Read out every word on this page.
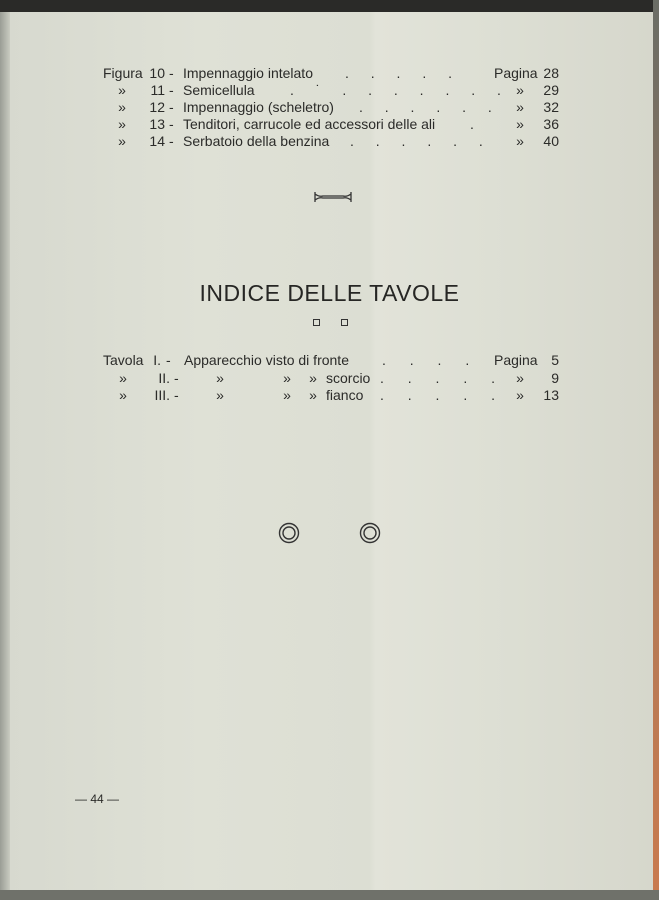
Figura 10 - Impennaggio intelato . . . . . Pagina 28
»	11 - Semicellula	. ˙ . . . . . . . »	29
»	12 - Impennaggio (scheletro) . . . . . . »	32
»	13 - Tenditori, carrucole ed accessori delle ali . »	36
»	14 - Serbatoio della benzina . . . . . . »	40
INDICE DELLE TAVOLE
Tavola I. - Apparecchio visto di fronte . . . . Pagina 5
»	II. -	»	» » scorcio . . . . . »	9
»	III. -	»	» » fianco . . . . . »	13
— 44 —
